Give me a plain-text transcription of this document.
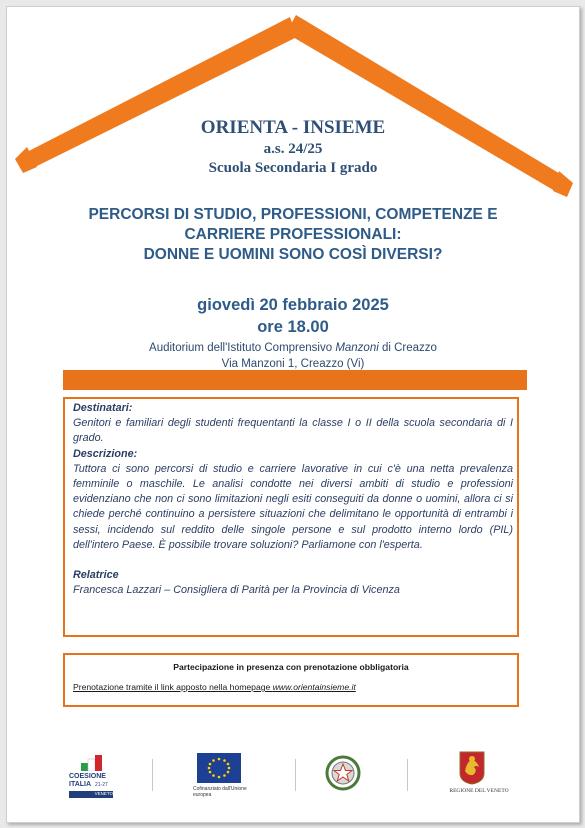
ORIENTA - INSIEME
a.s. 24/25
Scuola Secondaria I grado
PERCORSI DI STUDIO, PROFESSIONI, COMPETENZE E
CARRIERE PROFESSIONALI:
DONNE E UOMINI SONO COSÌ DIVERSI?
giovedì 20 febbraio 2025
ore 18.00
Auditorium dell'Istituto Comprensivo Manzoni di Creazzo
Via Manzoni 1, Creazzo (Vi)
Destinatari:

Genitori e familiari degli studenti frequentanti la classe I o II della scuola secondaria di I grado.

Descrizione:

Tuttora ci sono percorsi di studio e carriere lavorative in cui c'è una netta prevalenza femminile o maschile. Le analisi condotte nei diversi ambiti di studio e professioni evidenziano che non ci sono limitazioni negli esiti conseguiti da donne o uomini, allora ci si chiede perché continuino a persistere situazioni che delimitano le opportunità di entrambi i sessi, incidendo sul reddito delle singole persone e sul prodotto interno lordo (PIL) dell'intero Paese. È possibile trovare soluzioni? Parliamone con l'esperta.

Relatrice

Francesca Lazzari – Consigliera di Parità per la Provincia di Vicenza

Partecipazione in presenza con prenotazione obbligatoria
Prenotazione tramite il link apposto nella homepage www.orientainsieme.it
COESIONE
ITALIA 21-27
VENETO
Cofinanziato dall'Unione europea
REGIONE DEL VENETO
